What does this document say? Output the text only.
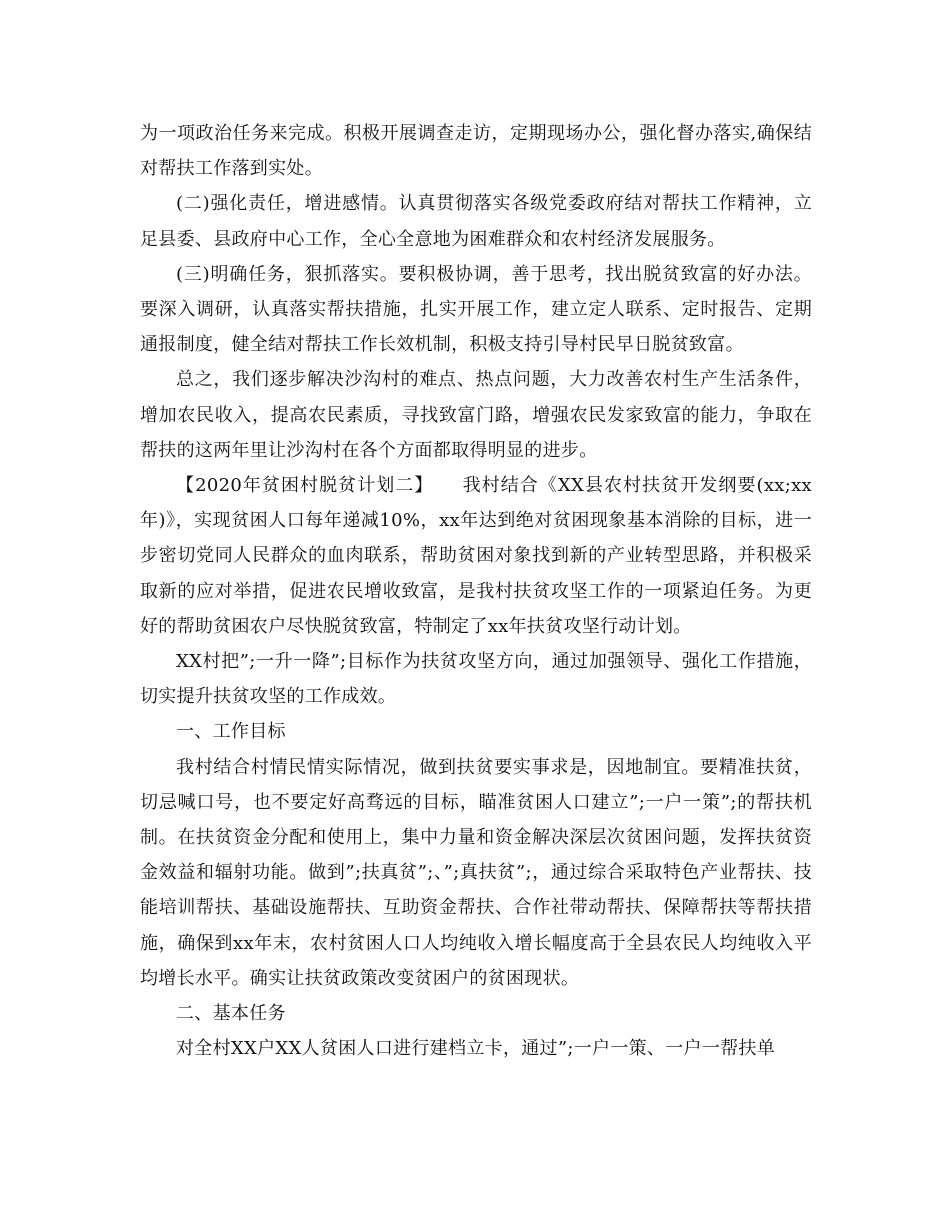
为一项政治任务来完成。积极开展调查走访，定期现场办公，强化督办落实,确保结对帮扶工作落到实处。

(二)强化责任，增进感情。认真贯彻落实各级党委政府结对帮扶工作精神，立足县委、县政府中心工作，全心全意地为困难群众和农村经济发展服务。

(三)明确任务，狠抓落实。要积极协调，善于思考，找出脱贫致富的好办法。要深入调研，认真落实帮扶措施，扎实开展工作，建立定人联系、定时报告、定期通报制度，健全结对帮扶工作长效机制，积极支持引导村民早日脱贫致富。

总之，我们逐步解决沙沟村的难点、热点问题，大力改善农村生产生活条件，增加农民收入，提高农民素质，寻找致富门路，增强农民发家致富的能力，争取在帮扶的这两年里让沙沟村在各个方面都取得明显的进步。

【2020年贫困村脱贫计划二】　　我村结合《XX县农村扶贫开发纲要(xx;xx年)》，实现贫困人口每年递减10%，xx年达到绝对贫困现象基本消除的目标，进一步密切党同人民群众的血肉联系，帮助贫困对象找到新的产业转型思路，并积极采取新的应对举措，促进农民增收致富，是我村扶贫攻坚工作的一项紧迫任务。为更好的帮助贫困农户尽快脱贫致富，特制定了xx年扶贫攻坚行动计划。

XX村把”;一升一降”;目标作为扶贫攻坚方向，通过加强领导、强化工作措施，切实提升扶贫攻坚的工作成效。

一、工作目标

我村结合村情民情实际情况，做到扶贫要实事求是，因地制宜。要精准扶贫，切忌喊口号，也不要定好高骛远的目标，瞄准贫困人口建立”;一户一策”;的帮扶机制。在扶贫资金分配和使用上，集中力量和资金解决深层次贫困问题，发挥扶贫资金效益和辐射功能。做到”;扶真贫”;、”;真扶贫”;，通过综合采取特色产业帮扶、技能培训帮扶、基础设施帮扶、互助资金帮扶、合作社带动帮扶、保障帮扶等帮扶措施，确保到xx年末，农村贫困人口人均纯收入增长幅度高于全县农民人均纯收入平均增长水平。确实让扶贫政策改变贫困户的贫困现状。

二、基本任务

对全村XX户XX人贫困人口进行建档立卡，通过”;一户一策、一户一帮扶单
